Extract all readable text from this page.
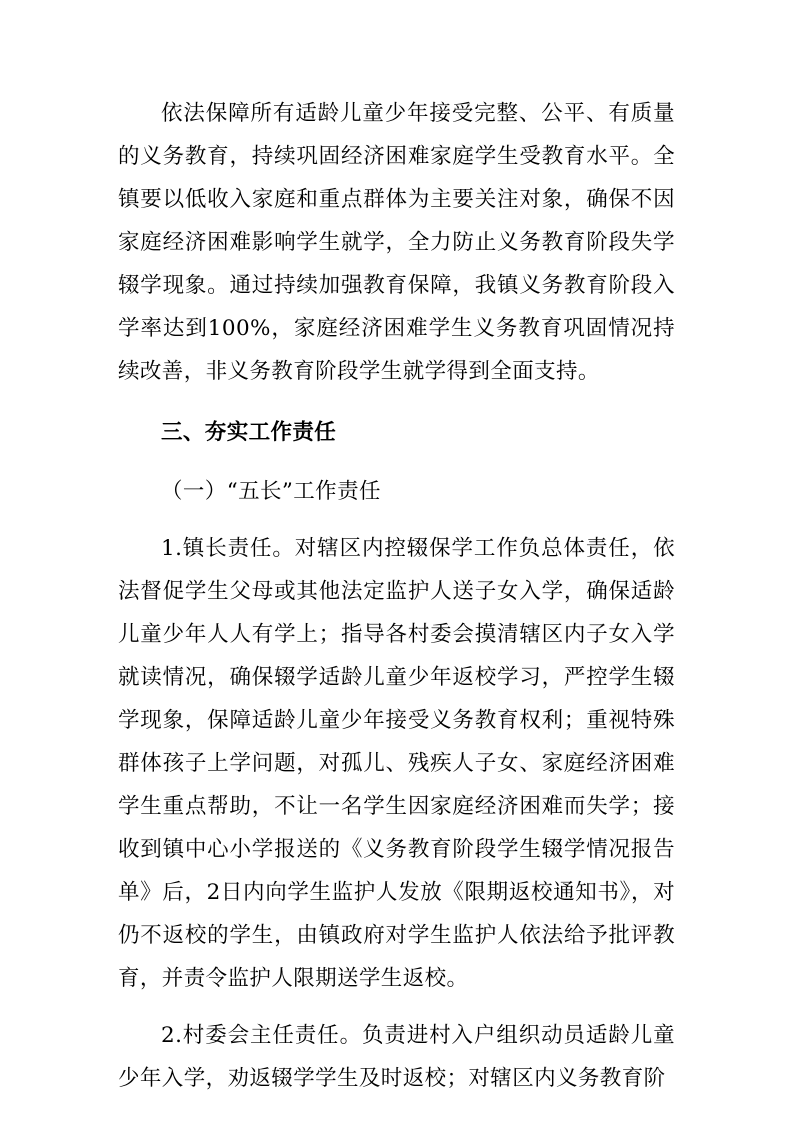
依法保障所有适龄儿童少年接受完整、公平、有质量的义务教育，持续巩固经济困难家庭学生受教育水平。全镇要以低收入家庭和重点群体为主要关注对象，确保不因家庭经济困难影响学生就学，全力防止义务教育阶段失学辍学现象。通过持续加强教育保障，我镇义务教育阶段入学率达到100%，家庭经济困难学生义务教育巩固情况持续改善，非义务教育阶段学生就学得到全面支持。

三、夯实工作责任

（一）“五长”工作责任

1.镇长责任。对辖区内控辍保学工作负总体责任，依法督促学生父母或其他法定监护人送子女入学，确保适龄儿童少年人人有学上；指导各村委会摸清辖区内子女入学就读情况，确保辍学适龄儿童少年返校学习，严控学生辍学现象，保障适龄儿童少年接受义务教育权利；重视特殊群体孩子上学问题，对孤儿、残疾人子女、家庭经济困难学生重点帮助，不让一名学生因家庭经济困难而失学；接收到镇中心小学报送的《义务教育阶段学生辍学情况报告单》后，2日内向学生监护人发放《限期返校通知书》，对仍不返校的学生，由镇政府对学生监护人依法给予批评教育，并责令监护人限期送学生返校。

2.村委会主任责任。负责进村入户组织动员适龄儿童少年入学，劝返辍学学生及时返校；对辖区内义务教育阶
